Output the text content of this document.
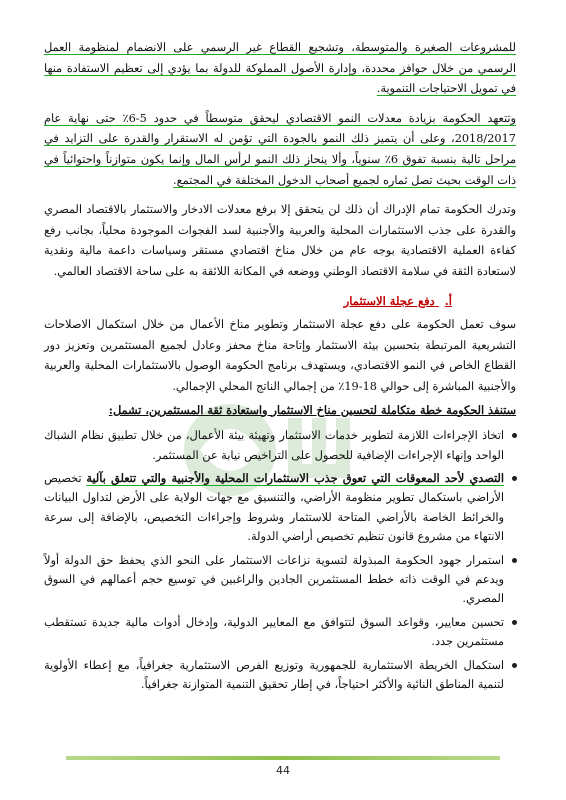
للمشروعات الصغيرة والمتوسطة، وتشجيع القطاع غير الرسمي على الانضمام لمنظومة العمل الرسمي من خلال حوافز محددة، وإدارة الأصول المملوكة للدولة بما يؤدي إلى تعظيم الاستفادة منها في تمويل الاحتياجات التنموية.

وتتعهد الحكومة بزيادة معدلات النمو الاقتصادي ليحقق متوسطاً في حدود 5-6٪ حتى نهاية عام 2018/2017، وعلى أن يتميز ذلك النمو بالجودة التي تؤمن له الاستقرار والقدرة على التزايد في مراحل تالية بنسبة تفوق 6٪ سنوياً، وألا ينحاز ذلك النمو لرأس المال وإنما يكون متوازناً واحتوائياً في ذات الوقت بحيث تصل ثماره لجميع أصحاب الدخول المختلفة في المجتمع.

وتدرك الحكومة تمام الإدراك أن ذلك لن يتحقق إلا برفع معدلات الادخار والاستثمار بالاقتصاد المصري والقدرة على جذب الاستثمارات المحلية والعربية والأجنبية لسد الفجوات الموجودة محلياً، بجانب رفع كفاءة العملية الاقتصادية بوجه عام من خلال مناخ اقتصادي مستقر وسياسات داعمة مالية ونقدية لاستعادة الثقة في سلامة الاقتصاد الوطني ووضعه في المكانة اللائقة به على ساحة الاقتصاد العالمي.

أ. دفع عجلة الاستثمار

سوف تعمل الحكومة على دفع عجلة الاستثمار وتطوير مناخ الأعمال من خلال استكمال الاصلاحات التشريعية المرتبطة بتحسين بيئة الاستثمار وإتاحة مناخ محفز وعادل لجميع المستثمرين وتعزيز دور القطاع الخاص في النمو الاقتصادي، ويستهدف برنامج الحكومة الوصول بالاستثمارات المحلية والعربية والأجنبية المباشرة إلى حوالي 18-19٪ من إجمالي الناتج المحلي الإجمالي.

ستنفذ الحكومة خطة متكاملة لتحسين مناخ الاستثمار واستعادة ثقة المستثمرين، تشمل:
اتخاذ الإجراءات اللازمة لتطوير خدمات الاستثمار وتهيئة بيئة الأعمال، من خلال تطبيق نظام الشباك الواحد وإنهاء الإجراءات الإضافية للحصول على التراخيص نيابة عن المستثمر.
التصدي لأحد المعوقات التي تعوق جذب الاستثمارات المحلية والأجنبية والتي تتعلق بآلية تخصيص الأراضي باستكمال تطوير منظومة الأراضي، والتنسيق مع جهات الولاية على الأرض لتداول البيانات والخرائط الخاصة بالأراضي المتاحة للاستثمار وشروط وإجراءات التخصيص، بالإضافة إلى سرعة الانتهاء من مشروع قانون تنظيم تخصيص أراضي الدولة.
استمرار جهود الحكومة المبذولة لتسوية نزاعات الاستثمار على النحو الذي يحفظ حق الدولة أولاً ويدعم في الوقت ذاته خطط المستثمرين الجادين والراغبين في توسيع حجم أعمالهم في السوق المصري.
تحسين معايير، وقواعد السوق لتتوافق مع المعايير الدولية، وإدخال أدوات مالية جديدة تستقطب مستثمرين جدد.
استكمال الخريطة الاستثمارية للجمهورية وتوزيع الفرص الاستثمارية جغرافياً، مع إعطاء الأولوية لتنمية المناطق النائية والأكثر احتياجاً، في إطار تحقيق التنمية المتوازنة جغرافياً.
44
